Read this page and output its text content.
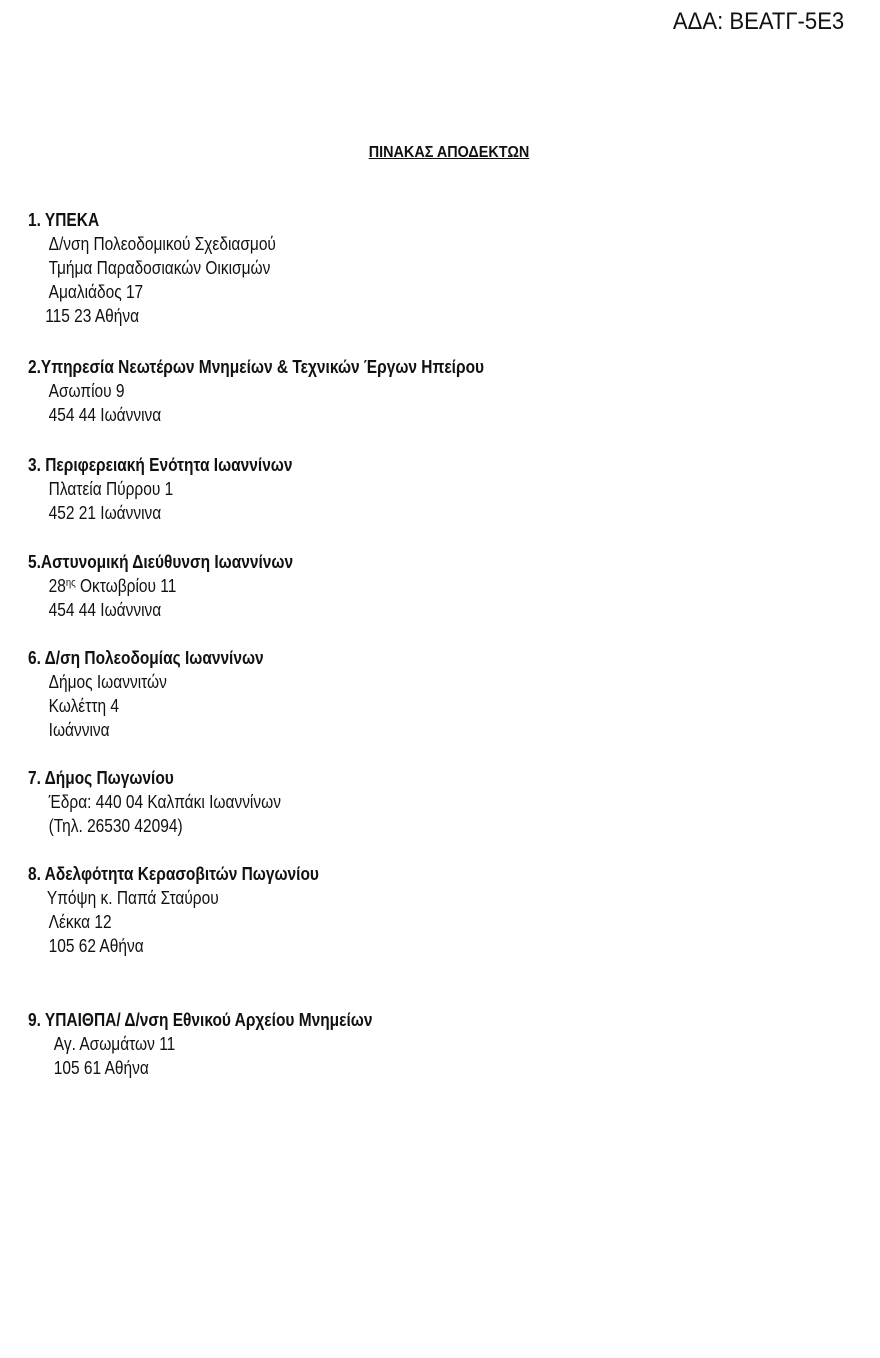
ΑΔΑ: ΒΕΑΤΓ-5Ε3
ΠΙΝΑΚΑΣ ΑΠΟΔΕΚΤΩΝ
1. ΥΠΕΚΑ
Δ/νση Πολεοδομικού Σχεδιασμού
Τμήμα Παραδοσιακών Οικισμών
Αμαλιάδος 17
115 23 Αθήνα
2.Υπηρεσία Νεωτέρων Μνημείων & Τεχνικών Έργων Ηπείρου
Ασωπίου 9
454 44 Ιωάννινα
3. Περιφερειακή Ενότητα Ιωαννίνων
Πλατεία Πύρρου 1
452 21 Ιωάννινα
5.Αστυνομική Διεύθυνση Ιωαννίνων
$28^{\eta\varsigma}$ Οκτωβρίου 11
454 44 Ιωάννινα
6. Δ/ση Πολεοδομίας Ιωαννίνων
Δήμος Ιωαννιτών
Κωλέττη 4
Ιωάννινα
7. Δήμος Πωγωνίου
Έδρα: 440 04 Καλπάκι Ιωαννίνων
(Τηλ. 26530 42094)
8. Αδελφότητα Κερασοβιτών Πωγωνίου
Υπόψη κ. Παπά Σταύρου
Λέκκα 12
105 62 Αθήνα
9. ΥΠΑΙΘΠΑ/ Δ/νση Εθνικού Αρχείου Μνημείων
Αγ. Ασωμάτων 11
105 61 Αθήνα
